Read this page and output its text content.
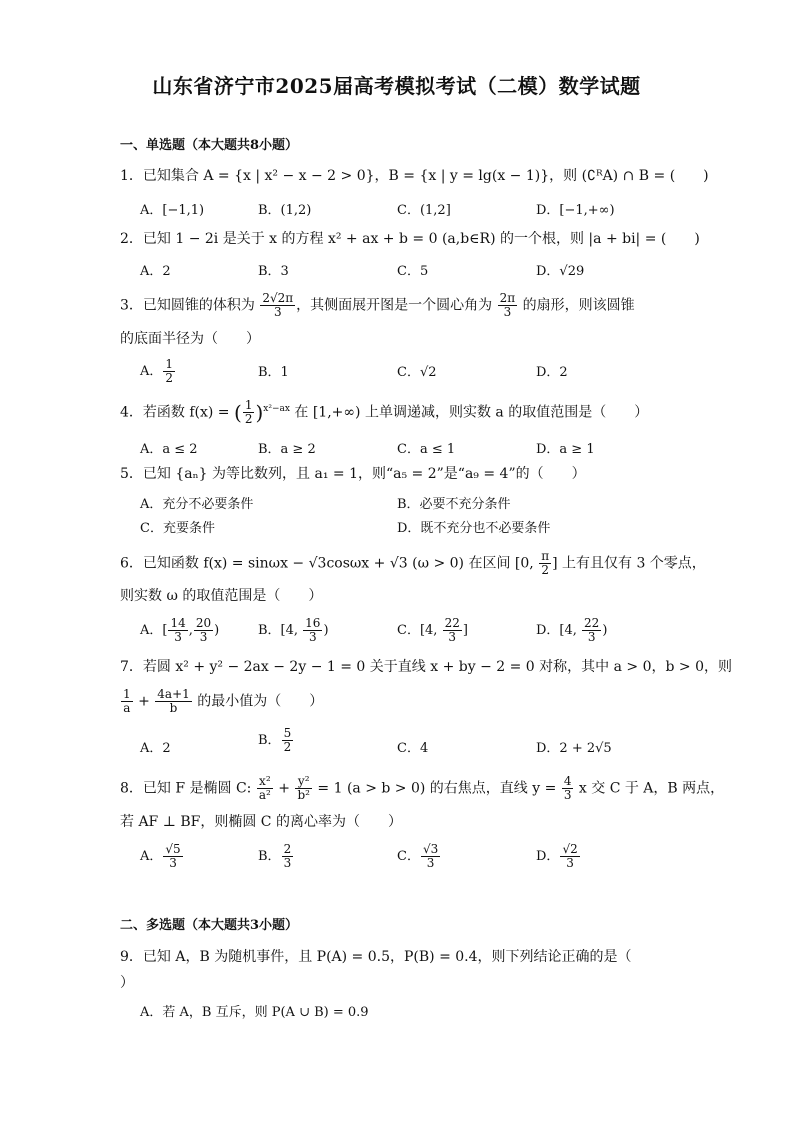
山东省济宁市2025届高考模拟考试（二模）数学试题
一、单选题（本大题共8小题）
1．已知集合 A = {x | x² − x − 2 > 0}，B = {x | y = lg(x − 1)}，则 (∁ᴿA) ∩ B = (　　)
A．[−1,1)	B．(1,2)	C．(1,2]	D．[−1,+∞)
2．已知 1 − 2i 是关于 x 的方程 x² + ax + b = 0 (a,b∈R) 的一个根，则 |a + bi| = (　　)
A．2	B．3	C．5	D．√29
3．已知圆锥的体积为 $\frac{2√2\pi}{3}$ ，其侧面展开图是一个圆心角为 $\frac{2\pi}{3}$ 的扇形，则该圆锥
的底面半径为（　　）
A． $\frac{1}{2}$	B．1	C．√2	D．2
4．若函数 f(x) = ( $\frac{1}{2} )^{x^2-ax}$ 在 [1,+∞) 上单调递减，则实数 a 的取值范围是（　　）
A．a ≤ 2	B．a ≥ 2	C．a ≤ 1	D．a ≥ 1
5．已知 {aₙ} 为等比数列，且 a₁ = 1，则“a₅ = 2”是“a₉ = 4”的（　　）
A．充分不必要条件	B．必要不充分条件
C．充要条件	D．既不充分也不必要条件
6．已知函数 f(x) = sinωx − √3cosωx + √3 (ω > 0) 在区间 [0, $\frac{\pi}{2}$ ] 上有且仅有 3 个零点，
则实数 ω 的取值范围是（　　）
A．[ $\frac{14}{3}$ , $\frac{20}{3}$ )	B．[4, $\frac{16}{3}$ )	C．[4, $\frac{22}{3}$ ]	D．[4, $\frac{22}{3}$ )
7．若圆 x² + y² − 2ax − 2y − 1 = 0 关于直线 x + by − 2 = 0 对称，其中 a > 0，b > 0，则
$\frac{1}{a} + \frac{4a+1}{b}$ 的最小值为（　　）
A．2
B． $\frac{5}{2}$	C．4	D．2 + 2√5
8．已知 F 是椭圆 C: $\frac{\text{x²}}{\text{a²}} + \frac{\text{y²}}{\text{b²}} = 1$ (a > b > 0) 的右焦点，直线 $y = \frac{4}{3}$ x 交 C 于 A，B 两点，
若 AF ⊥ BF，则椭圆 C 的离心率为（　　）
A． $\frac{√5}{3}$	B． $\frac{2}{3}$	C． $\frac{√3}{3}$	D． $\frac{√2}{3}$
二、多选题（本大题共3小题）
9．已知 A，B 为随机事件，且 P(A) = 0.5，P(B) = 0.4，则下列结论正确的是（
）
A．若 A，B 互斥，则 P(A ∪ B) = 0.9
